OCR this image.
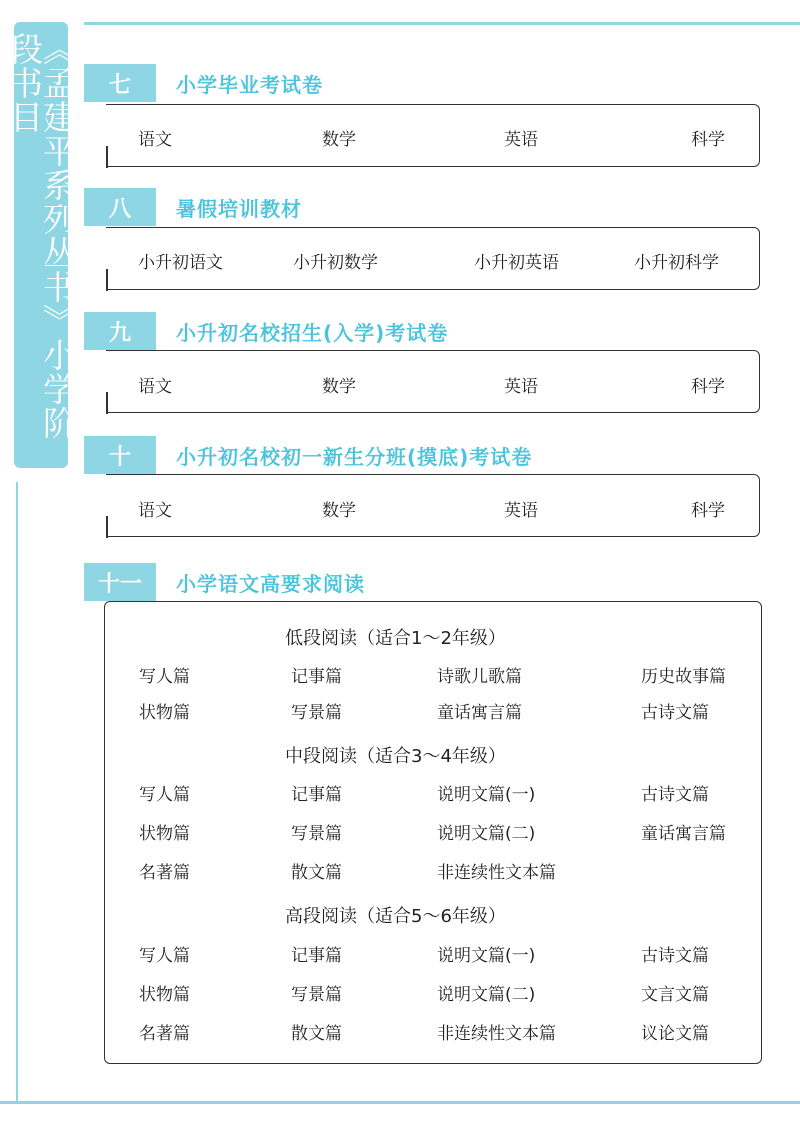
《孟建平系列丛书》小学阶段书目	七	小学毕业考试卷
语文	数学	英语	科学
八	暑假培训教材
小升初语文	小升初数学	小升初英语	小升初科学
九	小升初名校招生(入学)考试卷
语文	数学	英语	科学
十	小升初名校初一新生分班(摸底)考试卷
语文	数学	英语	科学
十一	小学语文高要求阅读
低段阅读（适合1～2年级）
写人篇	记事篇	诗歌儿歌篇	历史故事篇
状物篇	写景篇	童话寓言篇	古诗文篇
中段阅读（适合3～4年级）
写人篇	记事篇	说明文篇(一)	古诗文篇
状物篇	写景篇	说明文篇(二)	童话寓言篇
名著篇	散文篇	非连续性文本篇
高段阅读（适合5～6年级）
写人篇	记事篇	说明文篇(一)	古诗文篇
状物篇	写景篇	说明文篇(二)	文言文篇
名著篇	散文篇	非连续性文本篇	议论文篇
